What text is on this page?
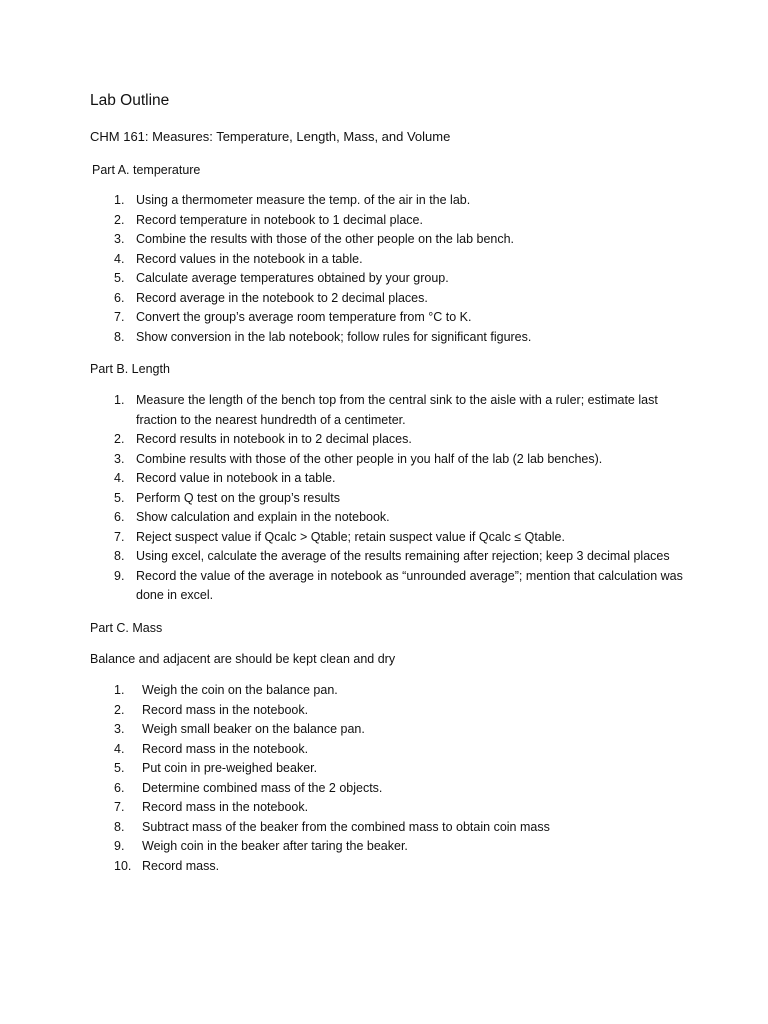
Lab Outline
CHM 161: Measures: Temperature, Length, Mass, and Volume
Part A. temperature
1. Using a thermometer measure the temp. of the air in the lab.
2. Record temperature in notebook to 1 decimal place.
3. Combine the results with those of the other people on the lab bench.
4. Record values in the notebook in a table.
5. Calculate average temperatures obtained by your group.
6. Record average in the notebook to 2 decimal places.
7. Convert the group’s average room temperature from °C to K.
8. Show conversion in the lab notebook; follow rules for significant figures.
Part B. Length
1. Measure the length of the bench top from the central sink to the aisle with a ruler; estimate last fraction to the nearest hundredth of a centimeter.
2. Record results in notebook in to 2 decimal places.
3. Combine results with those of the other people in you half of the lab (2 lab benches).
4. Record value in notebook in a table.
5. Perform Q test on the group’s results
6. Show calculation and explain in the notebook.
7. Reject suspect value if Qcalc > Qtable; retain suspect value if Qcalc ≤ Qtable.
8. Using excel, calculate the average of the results remaining after rejection; keep 3 decimal places
9. Record the value of the average in notebook as “unrounded average”; mention that calculation was done in excel.
Part C. Mass
Balance and adjacent are should be kept clean and dry
1.	Weigh the coin on the balance pan.
2.	Record mass in the notebook.
3.	Weigh small beaker on the balance pan.
4.	Record mass in the notebook.
5.	Put coin in pre-weighed beaker.
6.	Determine combined mass of the 2 objects.
7.	Record mass in the notebook.
8.	Subtract mass of the beaker from the combined mass to obtain coin mass
9.	Weigh coin in the beaker after taring the beaker.
10. Record mass.
